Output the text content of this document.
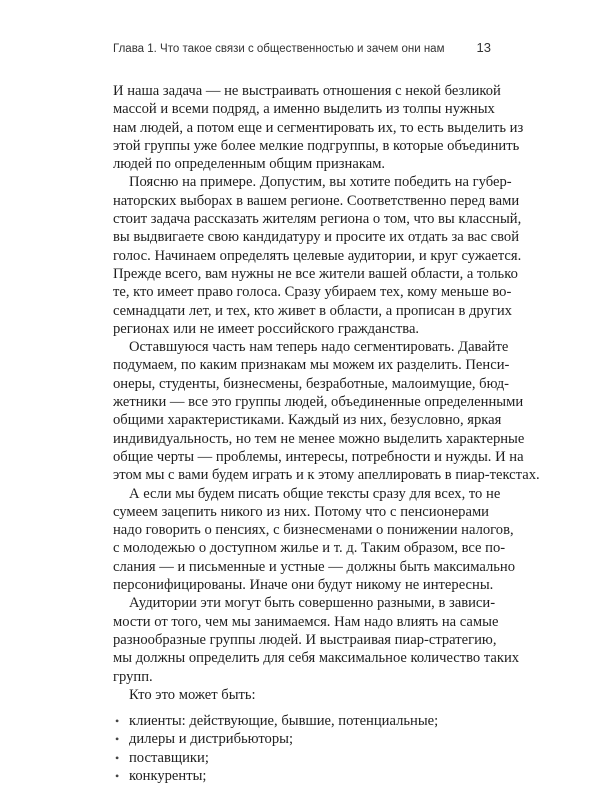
Глава 1. Что такое связи с общественностью и зачем они нам 13

И наша задача — не выстраивать отношения с некой безликой
массой и всеми подряд, а именно выделить из толпы нужных
нам людей, а потом еще и сегментировать их, то есть выделить из
этой группы уже более мелкие подгруппы, в которые объединить
людей по определенным общим признакам.

Поясню на примере. Допустим, вы хотите победить на губер-
наторских выборах в вашем регионе. Соответственно перед вами
стоит задача рассказать жителям региона о том, что вы классный,
вы выдвигаете свою кандидатуру и просите их отдать за вас свой
голос. Начинаем определять целевые аудитории, и круг сужается.
Прежде всего, вам нужны не все жители вашей области, а только
те, кто имеет право голоса. Сразу убираем тех, кому меньше во-
семнадцати лет, и тех, кто живет в области, а прописан в других
регионах или не имеет российского гражданства.

Оставшуюся часть нам теперь надо сегментировать. Давайте
подумаем, по каким признакам мы можем их разделить. Пенси-
онеры, студенты, бизнесмены, безработные, малоимущие, бюд-
жетники — все это группы людей, объединенные определенными
общими характеристиками. Каждый из них, безусловно, яркая
индивидуальность, но тем не менее можно выделить характерные
общие черты — проблемы, интересы, потребности и нужды. И на
этом мы с вами будем играть и к этому апеллировать в пиар-текстах.

А если мы будем писать общие тексты сразу для всех, то не
сумеем зацепить никого из них. Потому что с пенсионерами
надо говорить о пенсиях, с бизнесменами о понижении налогов,
с молодежью о доступном жилье и т. д. Таким образом, все по-
слания — и письменные и устные — должны быть максимально
персонифицированы. Иначе они будут никому не интересны.

Аудитории эти могут быть совершенно разными, в зависи-
мости от того, чем мы занимаемся. Нам надо влиять на самые
разнообразные группы людей. И выстраивая пиар-стратегию,
мы должны определить для себя максимальное количество таких
групп.

Кто это может быть:

• клиенты: действующие, бывшие, потенциальные;
• дилеры и дистрибьюторы;
• поставщики;
• конкуренты;
